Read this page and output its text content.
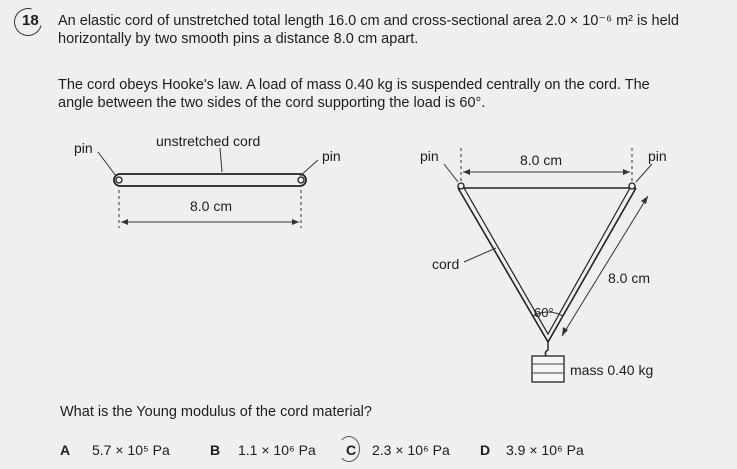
18 An elastic cord of unstretched total length 16.0 cm and cross-sectional area 2.0 × 10⁻⁶ m² is held
horizontally by two smooth pins a distance 8.0 cm apart.
The cord obeys Hooke's law. A load of mass 0.40 kg is suspended centrally on the cord. The
angle between the two sides of the cord supporting the load is 60°.
pin	unstretched cord
pin
8.0 cm
pin	8.0 cm	pin
cord
8.0 cm
60°
mass 0.40 kg
What is the Young modulus of the cord material?
A 5.7 × 10⁵ Pa	B 1.1 × 10⁶ Pa C 2.3 × 10⁶ Pa D 3.9 × 10⁶ Pa
